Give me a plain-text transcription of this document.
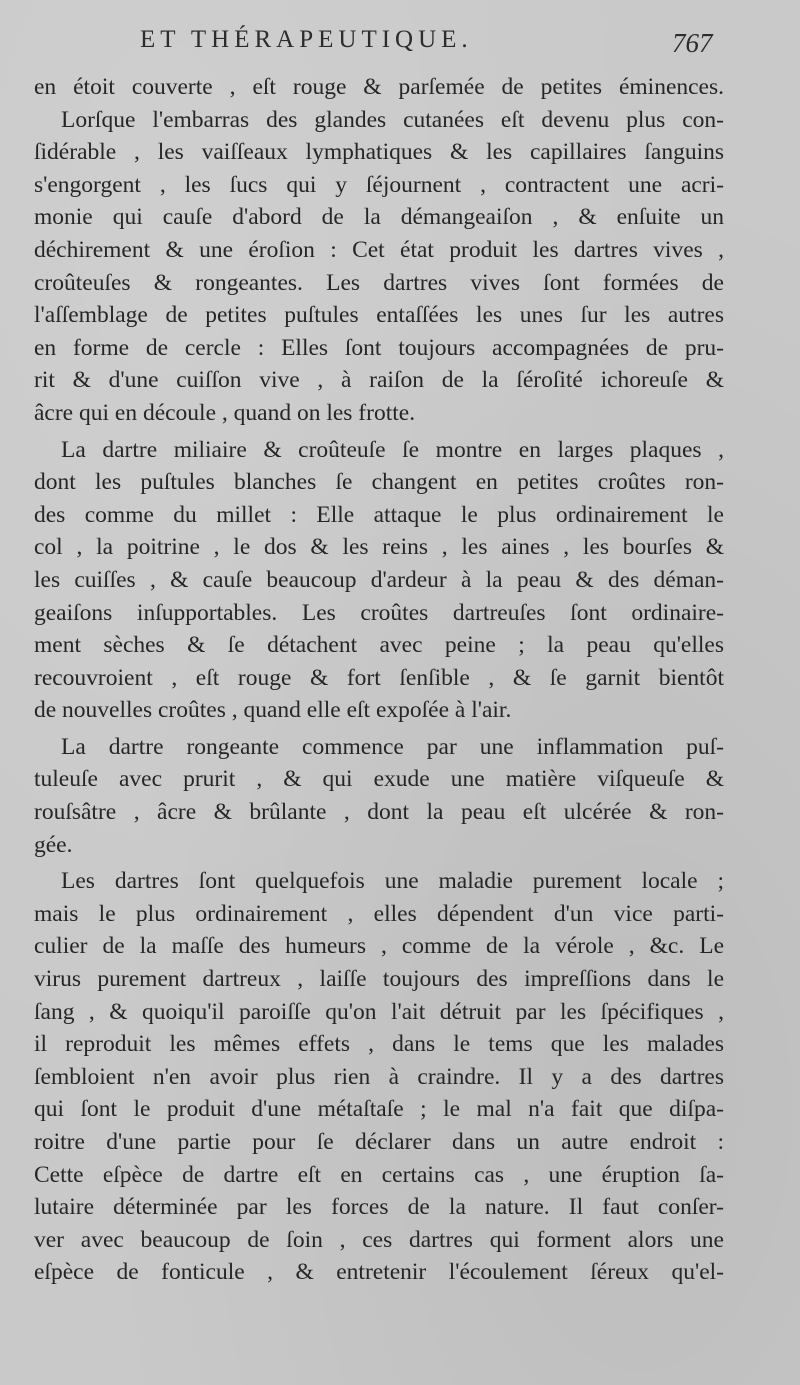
ET THÉRAPEUTIQUE.	767
en étoit couverte , eſt rouge & parſemée de petites éminences.
Lorſque l'embarras des glandes cutanées eſt devenu plus con-
ſidérable , les vaiſſeaux lymphatiques & les capillaires ſanguins
s'engorgent , les ſucs qui y ſéjournent , contractent une acri-
monie qui cauſe d'abord de la démangeaiſon , & enſuite un
déchirement & une éroſion : Cet état produit les dartres vives ,
croûteuſes & rongeantes. Les dartres vives ſont formées de
l'aſſemblage de petites puſtules entaſſées les unes ſur les autres
en forme de cercle : Elles ſont toujours accompagnées de pru-
rit & d'une cuiſſon vive , à raiſon de la ſéroſité ichoreuſe &
âcre qui en découle , quand on les frotte.
La dartre miliaire & croûteuſe ſe montre en larges plaques ,
dont les puſtules blanches ſe changent en petites croûtes ron-
des comme du millet : Elle attaque le plus ordinairement le
col , la poitrine , le dos & les reins , les aines , les bourſes &
les cuiſſes , & cauſe beaucoup d'ardeur à la peau & des déman-
geaiſons inſupportables. Les croûtes dartreuſes ſont ordinaire-
ment sèches & ſe détachent avec peine ; la peau qu'elles
recouvroient , eſt rouge & fort ſenſible , & ſe garnit bientôt
de nouvelles croûtes , quand elle eſt expoſée à l'air.
La dartre rongeante commence par une inflammation puſ-
tuleuſe avec prurit , & qui exude une matière viſqueuſe &
rouſsâtre , âcre & brûlante , dont la peau eſt ulcérée & ron-
gée.
Les dartres ſont quelquefois une maladie purement locale ;
mais le plus ordinairement , elles dépendent d'un vice parti-
culier de la maſſe des humeurs , comme de la vérole , &c. Le
virus purement dartreux , laiſſe toujours des impreſſions dans le
ſang , & quoiqu'il paroiſſe qu'on l'ait détruit par les ſpécifiques ,
il reproduit les mêmes effets , dans le tems que les malades
ſembloient n'en avoir plus rien à craindre. Il y a des dartres
qui ſont le produit d'une métaſtaſe ; le mal n'a fait que diſpa-
roitre d'une partie pour ſe déclarer dans un autre endroit :
Cette eſpèce de dartre eſt en certains cas , une éruption ſa-
lutaire déterminée par les forces de la nature. Il faut conſer-
ver avec beaucoup de ſoin , ces dartres qui forment alors une
eſpèce de fonticule , & entretenir l'écoulement ſéreux qu'el-
